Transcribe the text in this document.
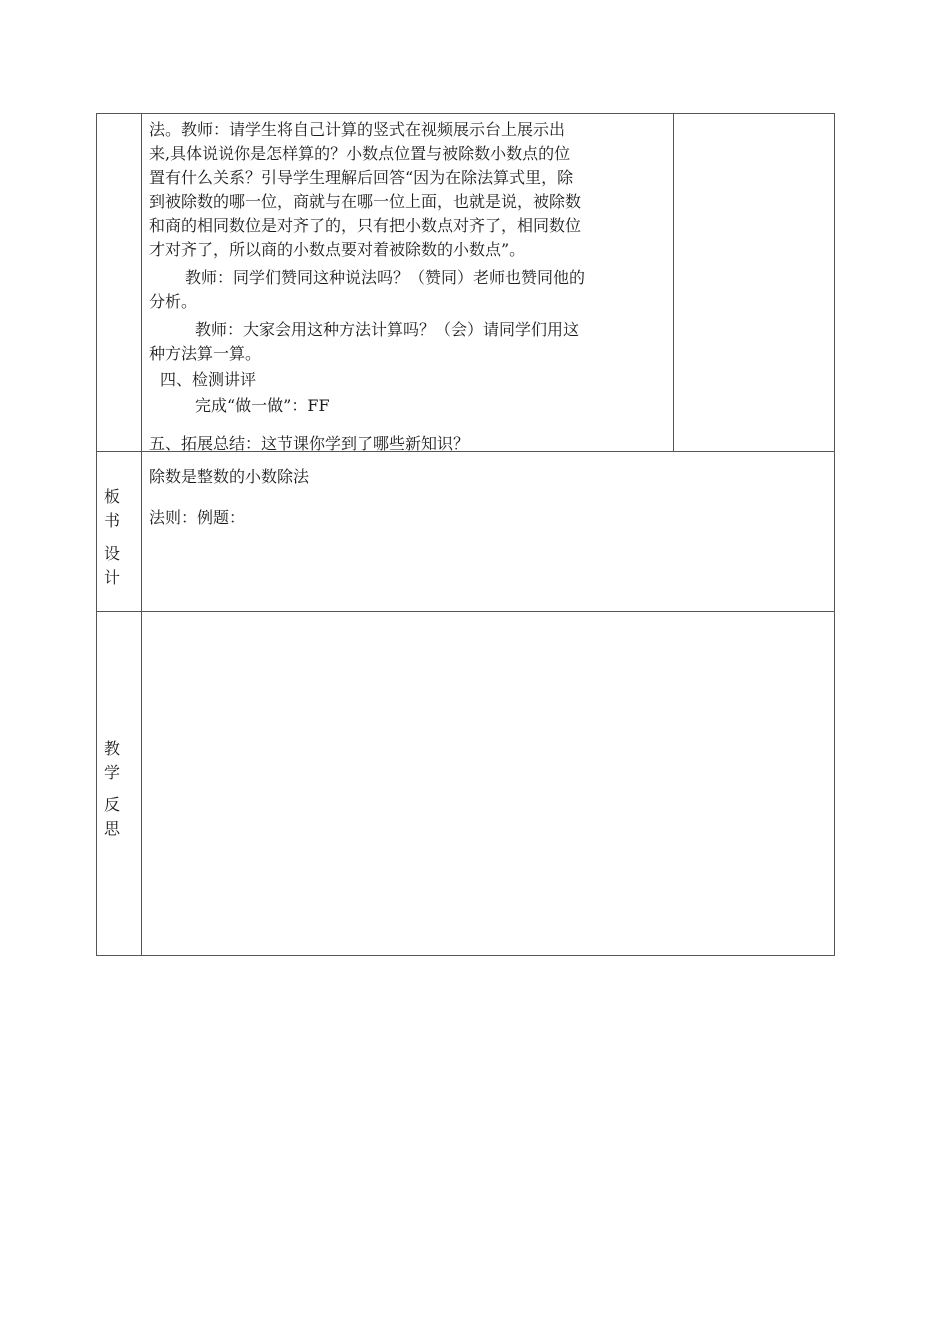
法。教师：请学生将自己计算的竖式在视频展示台上展示出
来,具体说说你是怎样算的？小数点位置与被除数小数点的位
置有什么关系？引导学生理解后回答“因为在除法算式里，除
到被除数的哪一位，商就与在哪一位上面，也就是说，被除数
和商的相同数位是对齐了的，只有把小数点对齐了，相同数位
才对齐了，所以商的小数点要对着被除数的小数点”。
教师：同学们赞同这种说法吗？（赞同）老师也赞同他的
分析。
教师：大家会用这种方法计算吗？（会）请同学们用这
种方法算一算。
四、检测讲评
完成“做一做”：FF
五、拓展总结：这节课你学到了哪些新知识？
板
书
设
计
除数是整数的小数除法
法则：例题：
教
学
反
思
